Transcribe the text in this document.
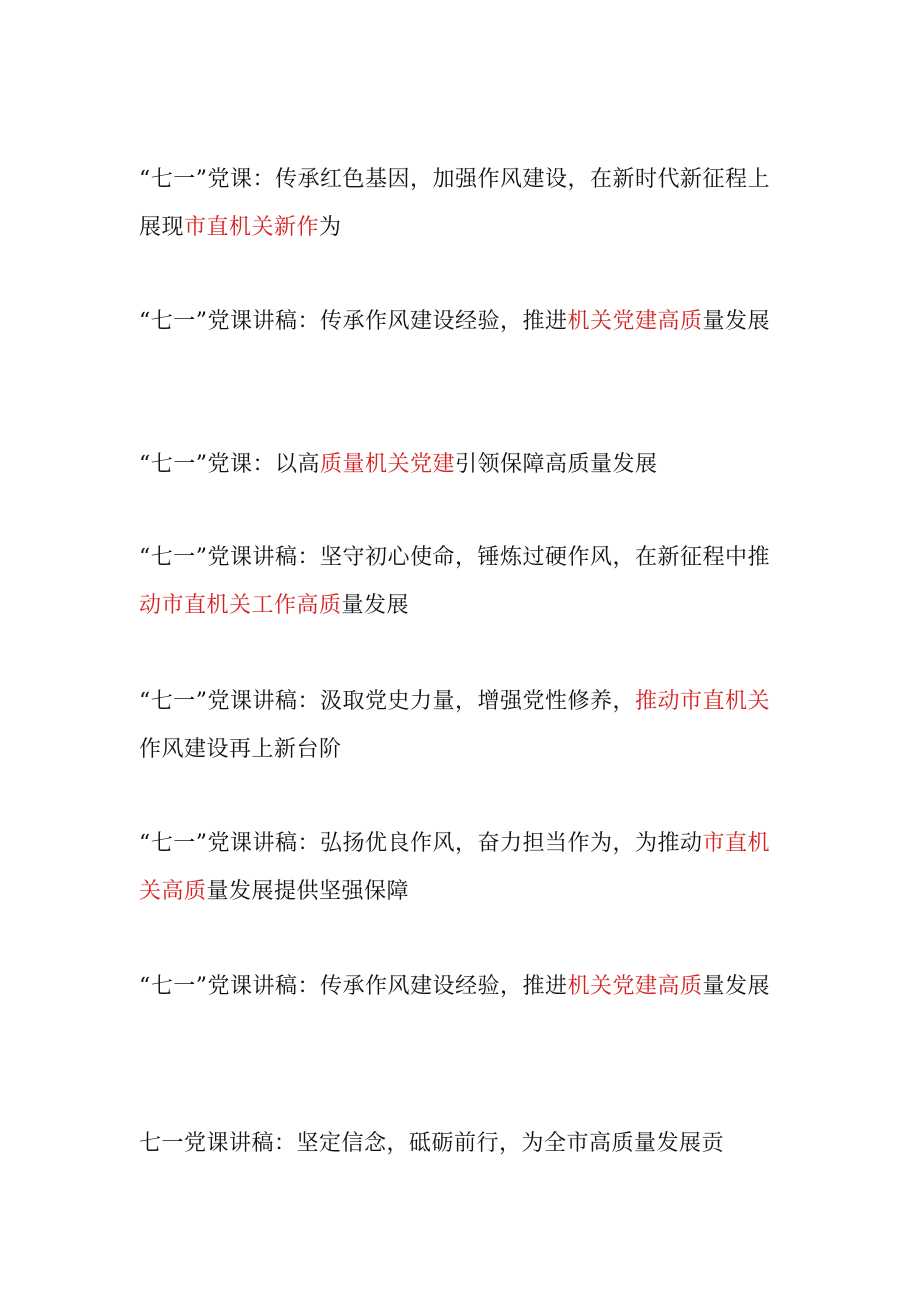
“七一”党课：传承红色基因，加强作风建设，在新时代新征程上展现市直机关新作为

“七一”党课讲稿：传承作风建设经验，推进机关党建高质量发展

“七一”党课：以高质量机关党建引领保障高质量发展

“七一”党课讲稿：坚守初心使命，锤炼过硬作风，在新征程中推动市直机关工作高质量发展

“七一”党课讲稿：汲取党史力量，增强党性修养，推动市直机关作风建设再上新台阶

“七一”党课讲稿：弘扬优良作风，奋力担当作为，为推动市直机关高质量发展提供坚强保障

“七一”党课讲稿：传承作风建设经验，推进机关党建高质量发展

七一党课讲稿：坚定信念，砥砺前行，为全市高质量发展贡
